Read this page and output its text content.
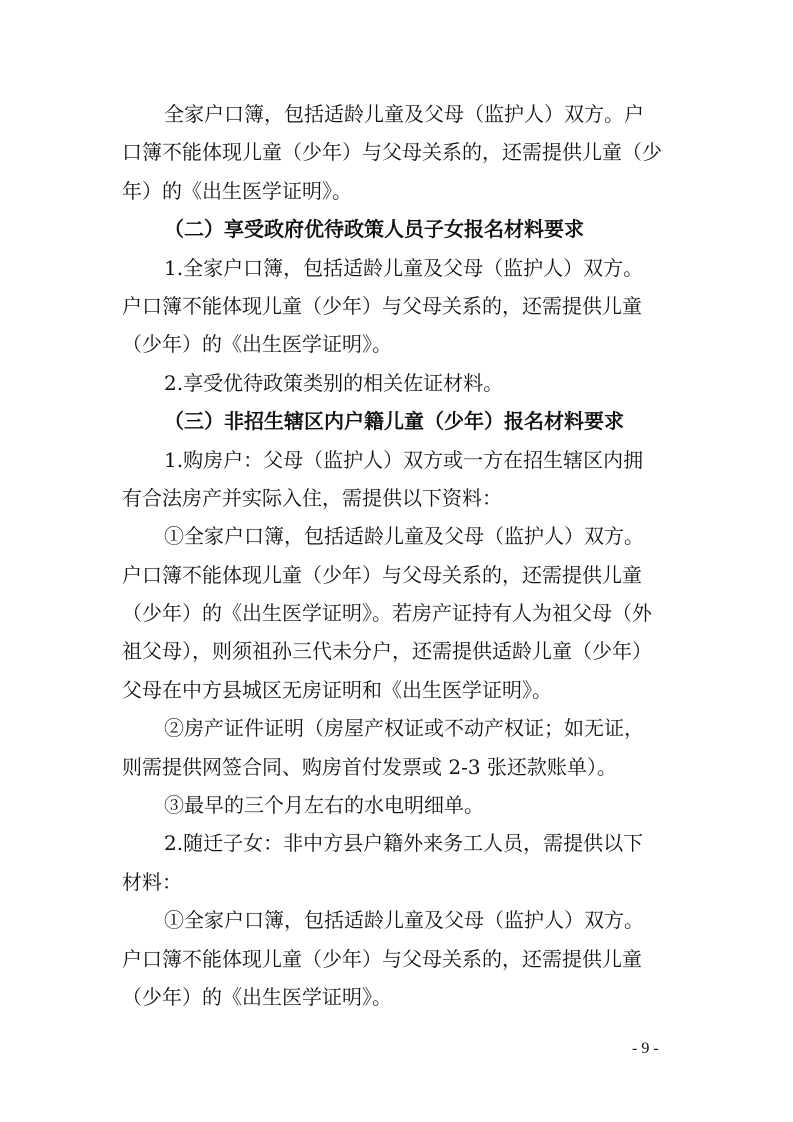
全家户口簿，包括适龄儿童及父母（监护人）双方。户
口簿不能体现儿童（少年）与父母关系的，还需提供儿童（少
年）的《出生医学证明》。
（二）享受政府优待政策人员子女报名材料要求
1.全家户口簿，包括适龄儿童及父母（监护人）双方。
户口簿不能体现儿童（少年）与父母关系的，还需提供儿童
（少年）的《出生医学证明》。
2.享受优待政策类别的相关佐证材料。
（三）非招生辖区内户籍儿童（少年）报名材料要求
1.购房户：父母（监护人）双方或一方在招生辖区内拥
有合法房产并实际入住，需提供以下资料：
①全家户口簿，包括适龄儿童及父母（监护人）双方。
户口簿不能体现儿童（少年）与父母关系的，还需提供儿童
（少年）的《出生医学证明》。若房产证持有人为祖父母（外
祖父母），则须祖孙三代未分户，还需提供适龄儿童（少年）
父母在中方县城区无房证明和《出生医学证明》。
②房产证件证明（房屋产权证或不动产权证；如无证，
则需提供网签合同、购房首付发票或 2-3 张还款账单）。
③最早的三个月左右的水电明细单。
2.随迁子女：非中方县户籍外来务工人员，需提供以下
材料：
①全家户口簿，包括适龄儿童及父母（监护人）双方。
户口簿不能体现儿童（少年）与父母关系的，还需提供儿童
（少年）的《出生医学证明》。
- 9 -
